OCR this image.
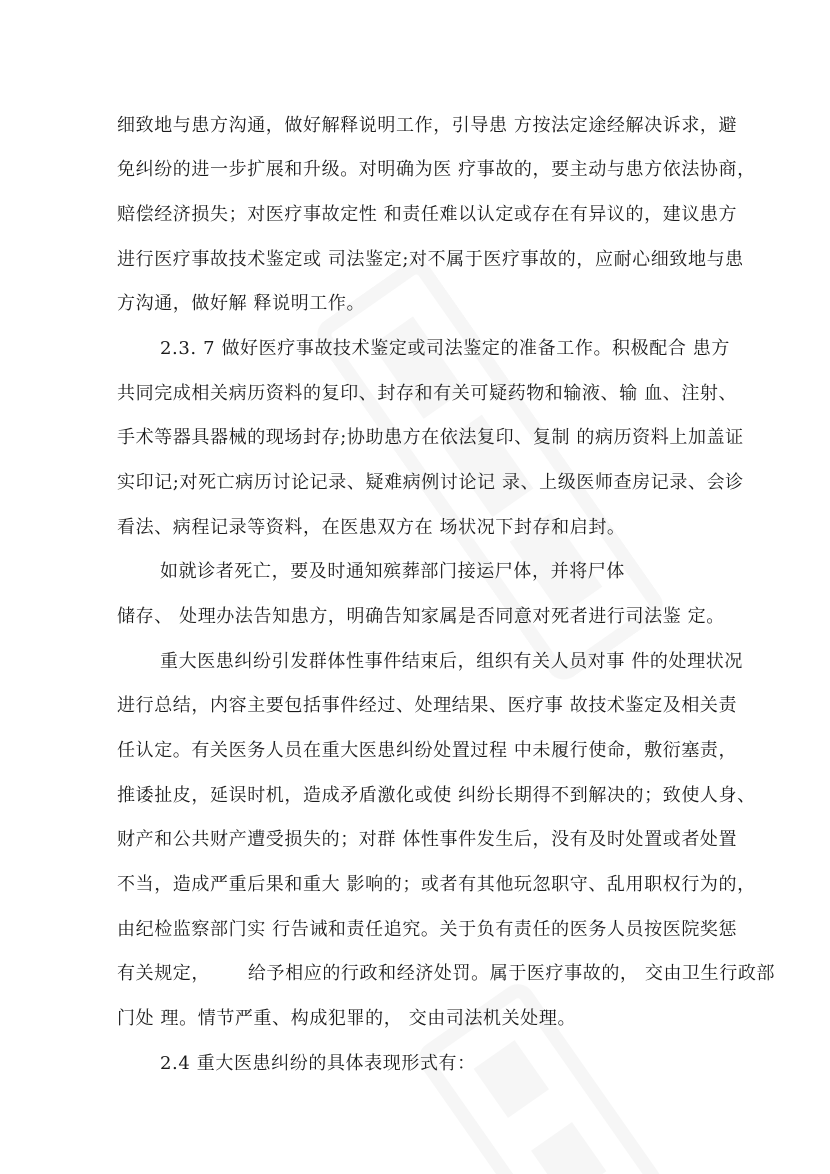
细致地与患方沟通，做好解释说明工作，引导患 方按法定途经解决诉求，避
免纠纷的进一步扩展和升级。对明确为医 疗事故的，要主动与患方依法协商，
赔偿经济损失；对医疗事故定性 和责任难以认定或存在有异议的，建议患方
进行医疗事故技术鉴定或 司法鉴定;对不属于医疗事故的，应耐心细致地与患
方沟通，做好解 释说明工作。
2.3. 7 做好医疗事故技术鉴定或司法鉴定的准备工作。积极配合 患方
共同完成相关病历资料的复印、封存和有关可疑药物和输液、输 血、注射、
手术等器具器械的现场封存;协助患方在依法复印、复制 的病历资料上加盖证
实印记;对死亡病历讨论记录、疑难病例讨论记 录、上级医师查房记录、会诊
看法、病程记录等资料，在医患双方在 场状况下封存和启封。
如就诊者死亡，要及时通知殡葬部门接运尸体，并将尸体
储存、 处理办法告知患方，明确告知家属是否同意对死者进行司法鉴 定。
重大医患纠纷引发群体性事件结束后，组织有关人员对事 件的处理状况
进行总结，内容主要包括事件经过、处理结果、医疗事 故技术鉴定及相关责
任认定。有关医务人员在重大医患纠纷处置过程 中未履行使命，敷衍塞责，
推诿扯皮，延误时机，造成矛盾激化或使 纠纷长期得不到解决的；致使人身、
财产和公共财产遭受损失的；对群 体性事件发生后，没有及时处置或者处置
不当，造成严重后果和重大 影响的；或者有其他玩忽职守、乱用职权行为的，
由纪检监察部门实 行告诫和责任追究。关于负有责任的医务人员按医院奖惩
有关规定，      给予相应的行政和经济处罚。属于医疗事故的， 交由卫生行政部
门处 理。情节严重、构成犯罪的， 交由司法机关处理。
2.4 重大医患纠纷的具体表现形式有：
